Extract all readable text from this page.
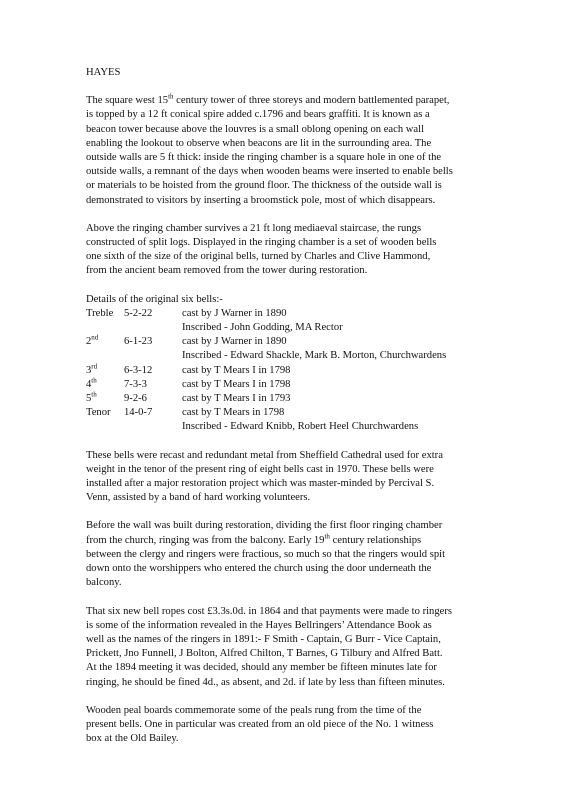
HAYES
The square west 15th century tower of three storeys and modern battlemented parapet,
is topped by a 12 ft conical spire added c.1796 and bears graffiti. It is known as a
beacon tower because above the louvres is a small oblong opening on each wall
enabling the lookout to observe when beacons are lit in the surrounding area. The
outside walls are 5 ft thick: inside the ringing chamber is a square hole in one of the
outside walls, a remnant of the days when wooden beams were inserted to enable bells
or materials to be hoisted from the ground floor. The thickness of the outside wall is
demonstrated to visitors by inserting a broomstick pole, most of which disappears.
Above the ringing chamber survives a 21 ft long mediaeval staircase, the rungs
constructed of split logs. Displayed in the ringing chamber is a set of wooden bells
one sixth of the size of the original bells, turned by Charles and Clive Hammond,
from the ancient beam removed from the tower during restoration.
Details of the original six bells:-
Treble	5-2-22	cast by J Warner in 1890
		Inscribed - John Godding, MA Rector
2nd	6-1-23	cast by J Warner in 1890
		Inscribed - Edward Shackle, Mark B. Morton, Churchwardens
3rd	6-3-12	cast by T Mears I in 1798
4th	7-3-3	cast by T Mears I in 1798
5th	9-2-6	cast by T Mears I in 1793
Tenor	14-0-7	cast by T Mears in 1798
		Inscribed - Edward Knibb, Robert Heel Churchwardens
These bells were recast and redundant metal from Sheffield Cathedral used for extra
weight in the tenor of the present ring of eight bells cast in 1970. These bells were
installed after a major restoration project which was master-minded by Percival S.
Venn, assisted by a band of hard working volunteers.
Before the wall was built during restoration, dividing the first floor ringing chamber
from the church, ringing was from the balcony. Early 19th century relationships
between the clergy and ringers were fractious, so much so that the ringers would spit
down onto the worshippers who entered the church using the door underneath the
balcony.
That six new bell ropes cost £3.3s.0d. in 1864 and that payments were made to ringers
is some of the information revealed in the Hayes Bellringers’ Attendance Book as
well as the names of the ringers in 1891:- F Smith - Captain, G Burr - Vice Captain,
Prickett, Jno Funnell, J Bolton, Alfred Chilton, T Barnes, G Tilbury and Alfred Batt.
At the 1894 meeting it was decided, should any member be fifteen minutes late for
ringing, he should be fined 4d., as absent, and 2d. if late by less than fifteen minutes.
Wooden peal boards commemorate some of the peals rung from the time of the
present bells. One in particular was created from an old piece of the No. 1 witness
box at the Old Bailey.
